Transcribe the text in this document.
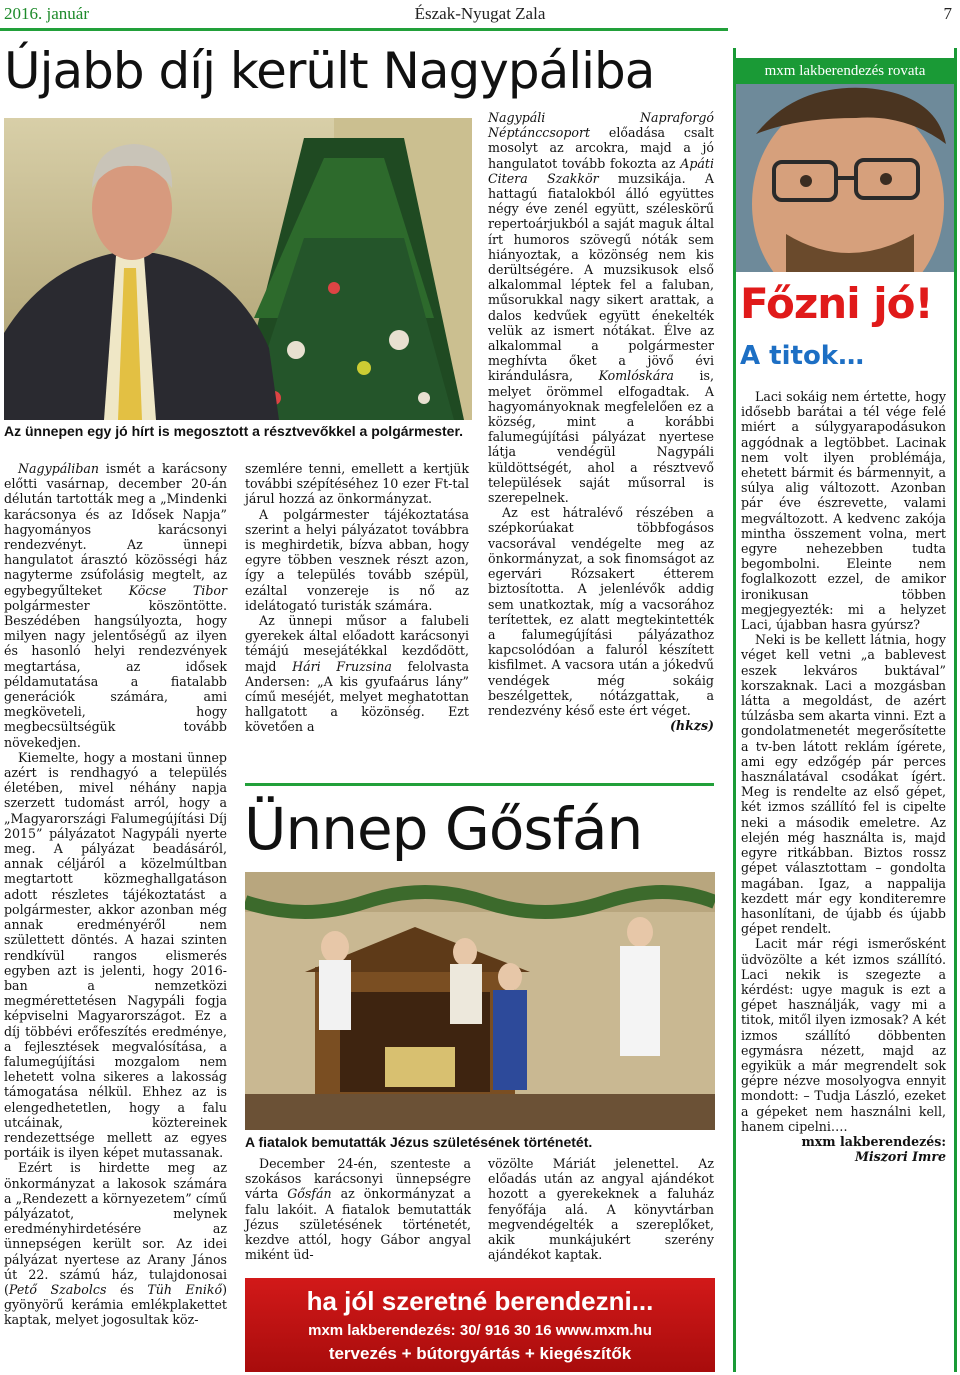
2016. január	Észak-Nyugat Zala	7
Újabb díj került Nagypáliba
Az ünnepen egy jó hírt is megosztott a résztvevőkkel a polgármester.

Nagypáliban ismét a karácsony előtti vasárnap, december 20-án délután tartották meg a „Mindenki karácsonya és az Idősek Napja” hagyományos karácsonyi rendezvényt. Az ünnepi hangulatot árasztó közösségi ház nagyterme zsúfolásig megtelt, az egybegyűlteket Köcse Tibor polgármester köszöntötte. Beszédében hangsúlyozta, hogy milyen nagy jelentőségű az ilyen és hasonló helyi rendezvények megtartása, az idősek példamutatása a fiatalabb generációk számára, ami megköveteli, hogy megbecsültségük tovább növekedjen.

Kiemelte, hogy a mostani ünnep azért is rendhagyó a település életében, mivel néhány napja szerzett tudomást arról, hogy a „Magyarországi Falumegújítási Díj 2015” pályázatot Nagypáli nyerte meg. A pályázat beadásáról, annak céljáról a közelmúltban megtartott közmeghallgatáson adott részletes tájékoztatást a polgármester, akkor azonban még annak eredményéről nem születtett döntés. A hazai szinten rendkívül rangos elismerés egyben azt is jelenti, hogy 2016-ban a nemzetközi megmérettetésen Nagypáli fogja képviselni Magyarországot. Ez a díj többévi erőfeszítés eredménye, a fejlesztések megvalósítása, a falumegújítási mozgalom nem lehetett volna sikeres a lakosság támogatása nélkül. Ehhez az is elengedhetetlen, hogy a falu utcáinak, köztereinek rendezettsége mellett az egyes portáik is ilyen képet mutassanak.

Ezért is hirdette meg az önkormányzat a lakosok számára a „Rendezett a környezetem” című pályázatot, melynek eredményhirdetésére az ünnepségen került sor. Az idei pályázat nyertese az Arany János út 22. számú ház, tulajdonosai (Pető Szabolcs és Tüh Enikő) gyönyörű kerámia emlékplakettet kaptak, melyet jogosultak köz-

szemlére tenni, emellett a kertjük további szépítéséhez 10 ezer Ft-tal járul hozzá az önkormányzat.

A polgármester tájékoztatása szerint a helyi pályázatot továbbra is meghirdetik, bízva abban, hogy egyre többen vesznek részt azon, így a település tovább szépül, ezáltal vonzereje is nő az idelátogató turisták számára.

Az ünnepi műsor a falubeli gyerekek által előadott karácsonyi témájú mesejátékkal kezdődött, majd Hári Fruzsina felolvasta Andersen: „A kis gyufaárus lány” című meséjét, melyet meghatottan hallgatott a közönség. Ezt követően a

Nagypáli Napraforgó Néptánccsoport előadása csalt mosolyt az arcokra, majd a jó hangulatot tovább fokozta az Apáti Citera Szakkör muzsikája. A hattagú fiatalokból álló együttes négy éve zenél együtt, széleskörű repertoárjukból a saját maguk által írt humoros szövegű nóták sem hiányoztak, a közönség nem kis derültségére. A muzsikusok első alkalommal léptek fel a faluban, műsorukkal nagy sikert arattak, a dalos kedvűek együtt énekelték velük az ismert nótákat. Élve az alkalommal a polgármester meghívta őket a jövő évi kirándulásra, Komlóskára is, melyet örömmel elfogadtak. A hagyományoknak megfelelően ez a község, mint a korábbi falumegújítási pályázat nyertese látja vendégül Nagypáli küldöttségét, ahol a résztvevő települések saját műsorral is szerepelnek.

Az est hátralévő részében a szépkorúakat többfogásos vacsorával vendégelte meg az önkormányzat, a sok finomságot az egervári Rózsakert étterem biztosította. A jelenlévők addig sem unatkoztak, míg a vacsorához terítettek, ez alatt megtekintették a falumegújítási pályázathoz kapcsolódóan a faluról készített kisfilmet. A vacsora után a jókedvű vendégek még sokáig beszélgettek, nótázgattak, a rendezvény késő este ért véget.

(hkzs)
Ünnep Gősfán
A fiatalok bemutatták Jézus születésének történetét.

December 24-én, szenteste a szokásos karácsonyi ünnepségre várta Gősfán az önkormányzat a falu lakóit. A fiatalok bemutatták Jézus születésének történetét, kezdve attól, hogy Gábor angyal miként üd-

vözölte Máriát jelenettel. Az előadás után az angyal ajándékot hozott a gyerekeknek a faluház fenyőfája alá. A könyvtárban megvendégelték a szereplőket, akik munkájukért szerény ajándékot kaptak.

ha jól szeretné berendezni...
mxm lakberendezés: 30/ 916 30 16 www.mxm.hu
tervezés + bútorgyártás + kiegészítők
mxm lakberendezés rovata
Főzni jó!
A titok…

Laci sokáig nem értette, hogy idősebb barátai a tél vége felé miért a súlygyarapodásukon aggódnak a legtöbbet. Lacinak nem volt ilyen problémája, ehetett bármit és bármennyit, a súlya alig változott. Azonban pár éve észrevette, valami megváltozott. A kedvenc zakója mintha összement volna, mert egyre nehezebben tudta begombolni. Eleinte nem foglalkozott ezzel, de amikor ironikusan többen megjegyezték: mi a helyzet Laci, újabban hasra gyúrsz?

Neki is be kellett látnia, hogy véget kell vetni „a bablevest eszek lekváros buktával” korszaknak. Laci a mozgásban látta a megoldást, de azért túlzásba sem akarta vinni. Ezt a gondolatmenetét megerősítette a tv-ben látott reklám ígérete, ami egy edzőgép pár perces használatával csodákat ígért. Meg is rendelte az első gépet, két izmos szállító fel is cipelte neki a második emeletre. Az elején még használta is, majd egyre ritkábban. Biztos rossz gépet választottam – gondolta magában. Igaz, a nappalija kezdett már egy konditeremre hasonlítani, de újabb és újabb gépet rendelt.

Lacit már régi ismerősként üdvözölte a két izmos szállító. Laci nekik is szegezte a kérdést: ugye maguk is ezt a gépet használják, vagy mi a titok, mitől ilyen izmosak? A két izmos szállító döbbenten egymásra nézett, majd az egyikük a már megrendelt sok gépre nézve mosolyogva ennyit mondott: – Tudja László, ezeket a gépeket nem használni kell, hanem cipelni….

mxm lakberendezés:
Miszori Imre
